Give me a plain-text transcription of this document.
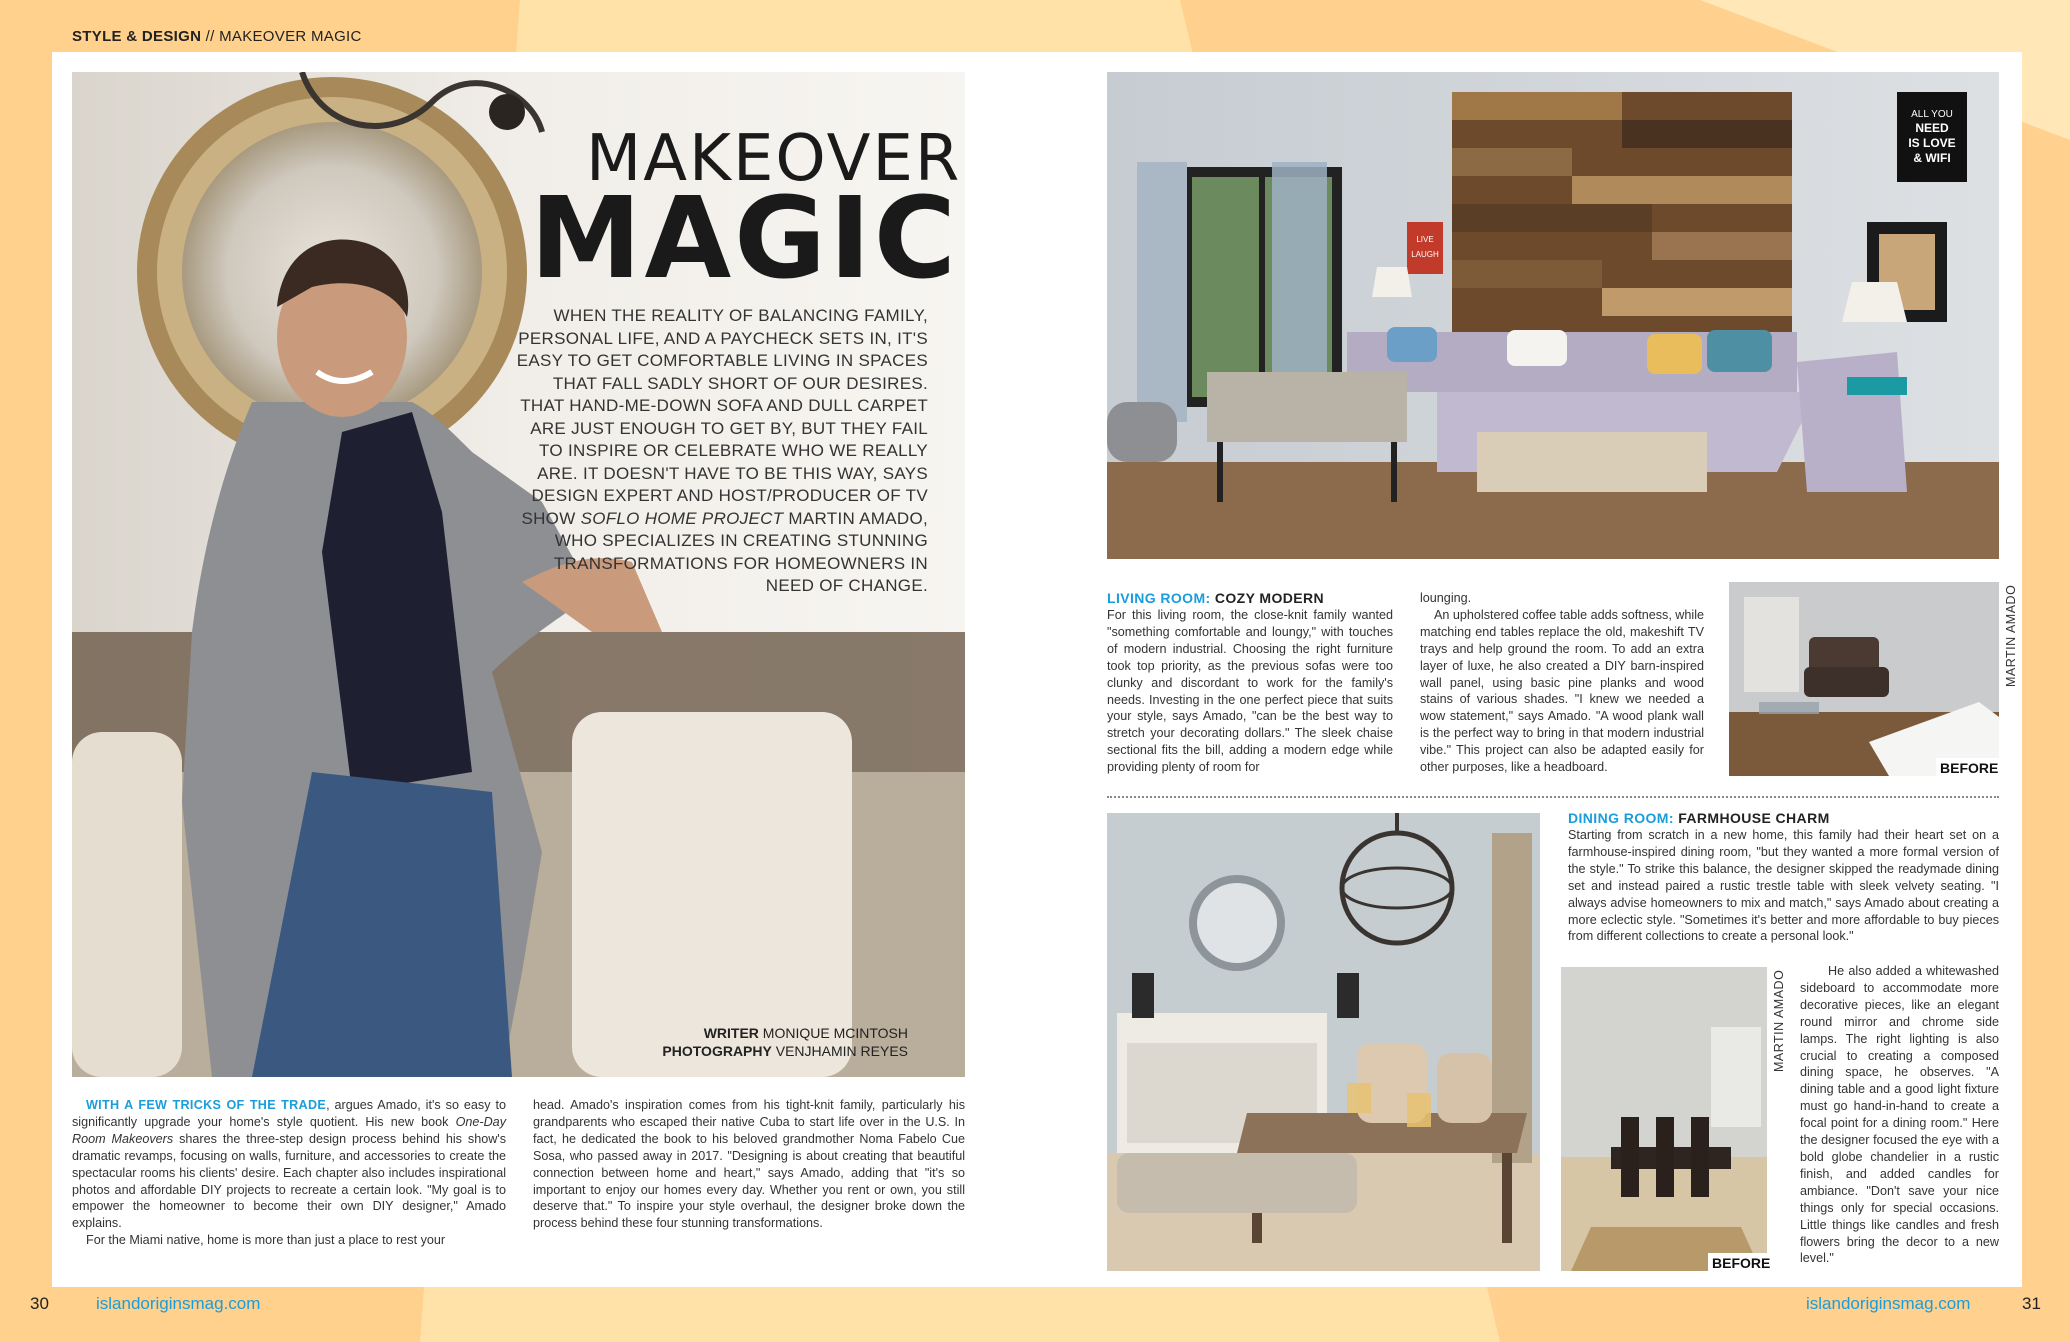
STYLE & DESIGN // MAKEOVER MAGIC
MAKEOVER
MAGIC
WHEN THE REALITY OF BALANCING FAMILY, PERSONAL LIFE, AND A PAYCHECK SETS IN, IT'S EASY TO GET COMFORTABLE LIVING IN SPACES THAT FALL SADLY SHORT OF OUR DESIRES. THAT HAND-ME-DOWN SOFA AND DULL CARPET ARE JUST ENOUGH TO GET BY, BUT THEY FAIL TO INSPIRE OR CELEBRATE WHO WE REALLY ARE. IT DOESN'T HAVE TO BE THIS WAY, SAYS DESIGN EXPERT AND HOST/PRODUCER OF TV SHOW SOFLO HOME PROJECT MARTIN AMADO, WHO SPECIALIZES IN CREATING STUNNING TRANSFORMATIONS FOR HOMEOWNERS IN NEED OF CHANGE.
WRITER MONIQUE MCINTOSH
PHOTOGRAPHY VENJHAMIN REYES

WITH A FEW TRICKS OF THE TRADE, argues Amado, it's so easy to significantly upgrade your home's style quotient. His new book One-Day Room Makeovers shares the three-step design process behind his show's dramatic revamps, focusing on walls, furniture, and accessories to create the spectacular rooms his clients' desire. Each chapter also includes inspirational photos and affordable DIY projects to recreate a certain look. "My goal is to empower the homeowner to become their own DIY designer," Amado explains.

For the Miami native, home is more than just a place to rest your

head. Amado's inspiration comes from his tight-knit family, particularly his grandparents who escaped their native Cuba to start life over in the U.S. In fact, he dedicated the book to his beloved grandmother Noma Fabelo Cue Sosa, who passed away in 2017. "Designing is about creating that beautiful connection between home and heart," says Amado, adding that "it's so important to enjoy our homes every day. Whether you rent or own, you still deserve that." To inspire your style overhaul, the designer broke down the process behind these four stunning transformations.

ALL YOU
NEED
IS LOVE
& WIFI
LIVE
LAUGH
LIVING ROOM: COZY MODERN

For this living room, the close-knit family wanted "something comfortable and loungy," with touches of modern industrial. Choosing the right furniture took top priority, as the previous sofas were too clunky and discordant to work for the family's needs. Investing in the one perfect piece that suits your style, says Amado, "can be the best way to stretch your decorating dollars." The sleek chaise sectional fits the bill, adding a modern edge while providing plenty of room for

lounging.

An upholstered coffee table adds softness, while matching end tables replace the old, makeshift TV trays and help ground the room. To add an extra layer of luxe, he also created a DIY barn-inspired wall panel, using basic pine planks and wood stains of various shades. "I knew we needed a wow statement," says Amado. "A wood plank wall is the perfect way to bring in that modern industrial vibe." This project can also be adapted easily for other purposes, like a headboard.	BEFORE
MARTIN AMADO
DINING ROOM: FARMHOUSE CHARM

Starting from scratch in a new home, this family had their heart set on a farmhouse-inspired dining room, "but they wanted a more formal version of the style." To strike this balance, the designer skipped the readymade dining set and instead paired a rustic trestle table with sleek velvety seating. "I always advise homeowners to mix and match," says Amado about creating a more eclectic style. "Sometimes it's better and more affordable to buy pieces from different collections to create a personal look."

BEFORE
MARTIN AMADO	He also added a whitewashed sideboard to accommodate more decorative pieces, like an elegant round mirror and chrome side lamps. The right lighting is also crucial to creating a composed dining space, he observes. "A dining table and a good light fixture must go hand-in-hand to create a focal point for a dining room." Here the designer focused the eye with a bold globe chandelier in a rustic finish, and added candles for ambiance. "Don't save your nice things only for special occasions. Little things like candles and fresh flowers bring the decor to a new level."

30	islandoriginsmag.com	islandoriginsmag.com	31
